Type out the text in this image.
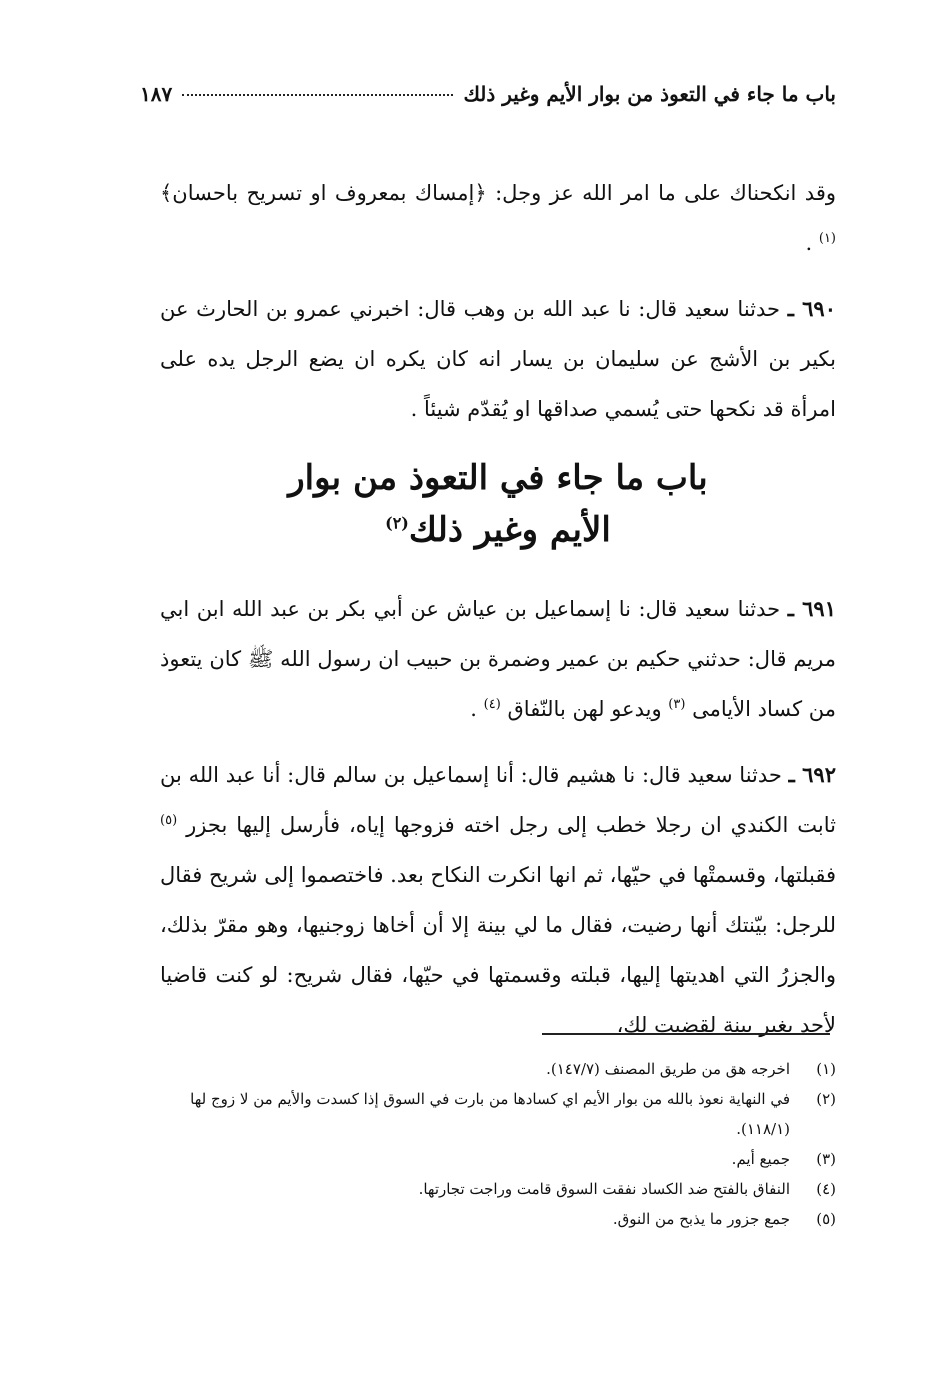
باب ما جاء في التعوذ من بوار الأيم وغير ذلك
١٨٧

وقد انكحناك على ما امر الله عز وجل: ﴿إمساك بمعروف او تسريح باحسان﴾ $^{(١)}$ .

٦٩٠ ـ حدثنا سعيد قال: نا عبد الله بن وهب قال: اخبرني عمرو بن الحارث عن بكير بن الأشج عن سليمان بن يسار انه كان يكره ان يضع الرجل يده على امرأة قد نكحها حتى يُسمي صداقها او يُقدّم شيئاً .

باب ما جاء في التعوذ من بوار
الأيم وغير ذلك$^{(٢)}$

٦٩١ ـ حدثنا سعيد قال: نا إسماعيل بن عياش عن أبي بكر بن عبد الله ابن ابي مريم قال: حدثني حكيم بن عمير وضمرة بن حبيب ان رسول الله ﷺ كان يتعوذ من كساد الأيامى $^{(٣)}$ ويدعو لهن بالنّفاق $^{(٤)}$ .

٦٩٢ ـ حدثنا سعيد قال: نا هشيم قال: أنا إسماعيل بن سالم قال: أنا عبد الله بن ثابت الكندي ان رجلا خطب إلى رجل اخته فزوجها إياه، فأرسل إليها بجزر $^{(٥)}$ فقبلتها، وقسمتْها في حيّها، ثم انها انكرت النكاح بعد. فاختصموا إلى شريح فقال للرجل: بيّنتك أنها رضيت، فقال ما لي بينة إلا أن أخاها زوجنيها، وهو مقرّ بذلك، والجزرُ التي اهديتها إليها، قبلته وقسمتها في حيّها، فقال شريح: لو كنت قاضيا لأحد بغير بينة لقضيت لك،

(١)
اخرجه هق من طريق المصنف (١٤٧/٧).
(٢)
في النهاية نعوذ بالله من بوار الأيم اي كسادها من بارت في السوق إذا كسدت والأيم من لا زوج لها (١١٨/١).
(٣)
جميع أيم.
(٤)
النفاق بالفتح ضد الكساد نفقت السوق قامت وراجت تجارتها.
(٥)
جمع جزور ما يذبح من النوق.
